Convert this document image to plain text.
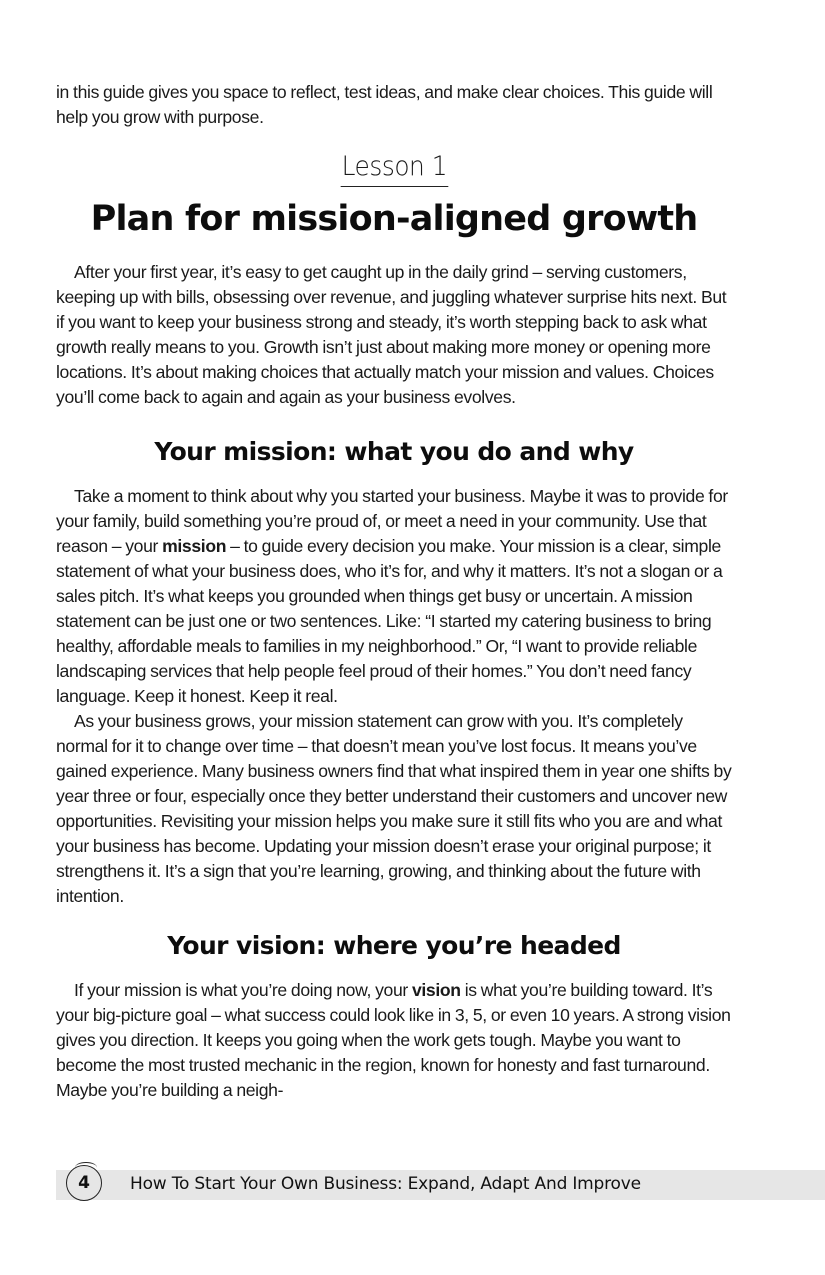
in this guide gives you space to reflect, test ideas, and make clear choices. This guide will help you grow with purpose.

Lesson 1
Plan for mission-aligned growth

After your first year, it’s easy to get caught up in the daily grind – serving customers, keeping up with bills, obsessing over revenue, and juggling whatever surprise hits next. But if you want to keep your business strong and steady, it’s worth stepping back to ask what growth really means to you. Growth isn’t just about making more money or opening more locations. It’s about making choices that actually match your mission and values. Choices you’ll come back to again and again as your business evolves.

Your mission: what you do and why

Take a moment to think about why you started your business. Maybe it was to provide for your family, build something you’re proud of, or meet a need in your community. Use that reason – your mission – to guide every decision you make. Your mission is a clear, simple statement of what your business does, who it’s for, and why it matters. It’s not a slogan or a sales pitch. It’s what keeps you grounded when things get busy or uncertain. A mission statement can be just one or two sentences. Like: “I started my catering business to bring healthy, affordable meals to families in my neighborhood.” Or, “I want to provide reliable landscaping services that help people feel proud of their homes.” You don’t need fancy language. Keep it honest. Keep it real.

As your business grows, your mission statement can grow with you. It’s completely normal for it to change over time – that doesn’t mean you’ve lost focus. It means you’ve gained experience. Many business owners find that what inspired them in year one shifts by year three or four, especially once they better understand their customers and uncover new opportunities. Revisiting your mission helps you make sure it still fits who you are and what your business has become. Updating your mission doesn’t erase your original purpose; it strengthens it. It’s a sign that you’re learning, growing, and thinking about the future with intention.

Your vision: where you’re headed

If your mission is what you’re doing now, your vision is what you’re building toward. It’s your big-picture goal – what success could look like in 3, 5, or even 10 years. A strong vision gives you direction. It keeps you going when the work gets tough. Maybe you want to become the most trusted mechanic in the region, known for honesty and fast turnaround. Maybe you’re building a neigh-

4 How To Start Your Own Business: Expand, Adapt And Improve
